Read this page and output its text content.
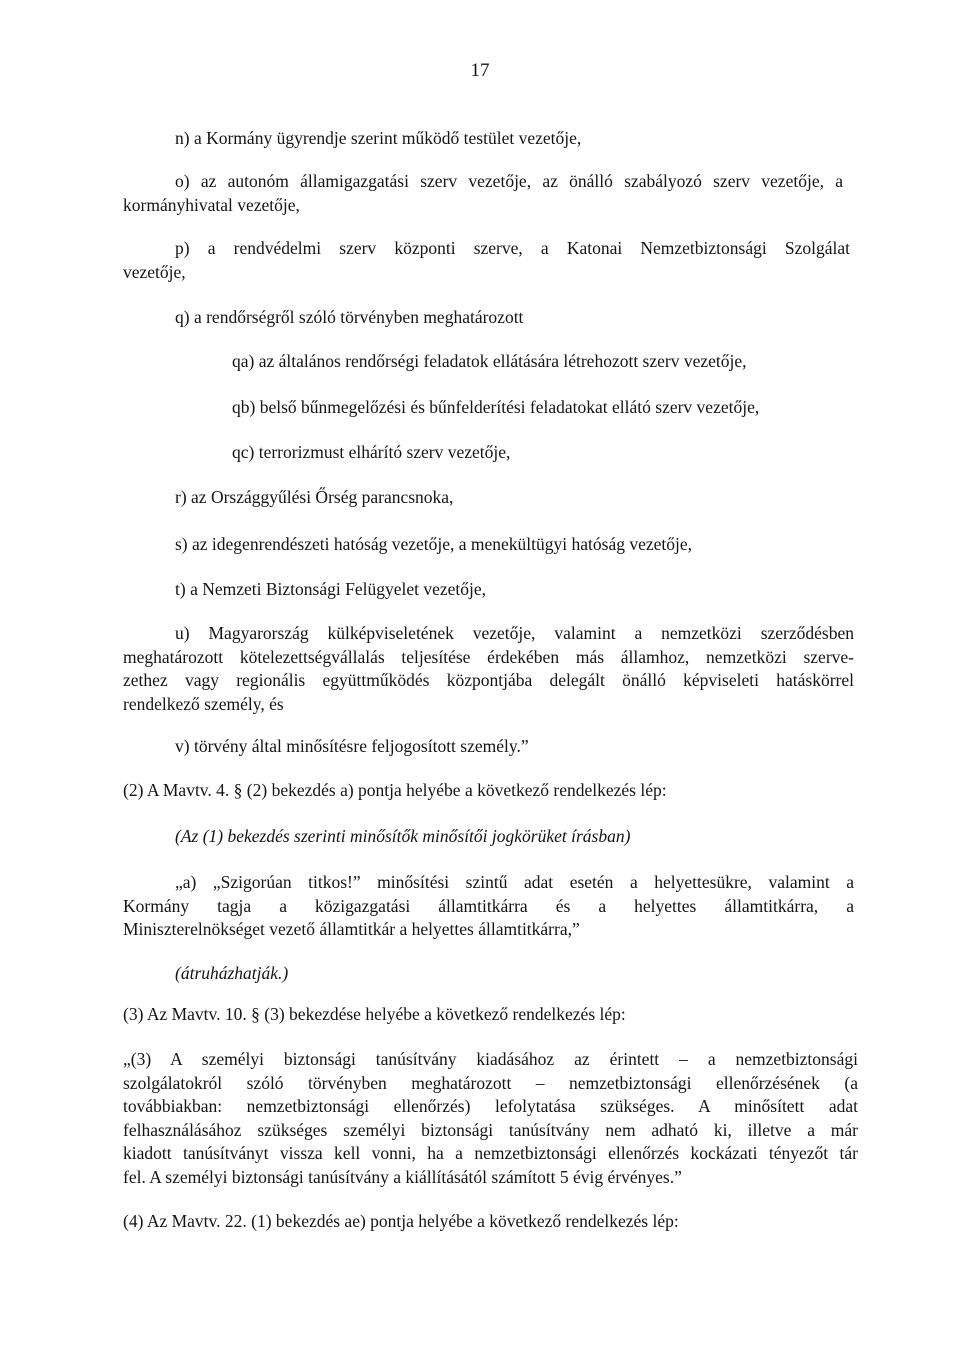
17

n) a Kormány ügyrendje szerint működő testület vezetője,

o) az autonóm államigazgatási szerv vezetője, az önálló szabályozó szerv vezetője, a
kormányhivatal vezetője,
p) a rendvédelmi szerv központi szerve, a Katonai Nemzetbiztonsági Szolgálat
vezetője,

q) a rendőrségről szóló törvényben meghatározott

qa) az általános rendőrségi feladatok ellátására létrehozott szerv vezetője,

qb) belső bűnmegelőzési és bűnfelderítési feladatokat ellátó szerv vezetője,

qc) terrorizmust elhárító szerv vezetője,

r) az Országgyűlési Őrség parancsnoka,

s) az idegenrendészeti hatóság vezetője, a menekültügyi hatóság vezetője,

t) a Nemzeti Biztonsági Felügyelet vezetője,

u) Magyarország külképviseletének vezetője, valamint a nemzetközi szerződésben
meghatározott kötelezettségvállalás teljesítése érdekében más államhoz, nemzetközi szerve-
zethez vagy regionális együttműködés központjába delegált önálló képviseleti hatáskörrel
rendelkező személy, és

v) törvény által minősítésre feljogosított személy.”

(2) A Mavtv. 4. § (2) bekezdés a) pontja helyébe a következő rendelkezés lép:

(Az (1) bekezdés szerinti minősítők minősítői jogkörüket írásban)

„a) „Szigorúan titkos!” minősítési szintű adat esetén a helyettesükre, valamint a
Kormány tagja a közigazgatási államtitkárra és a helyettes államtitkárra, a
Miniszterelnökséget vezető államtitkár a helyettes államtitkárra,”

(átruházhatják.)

(3) Az Mavtv. 10. § (3) bekezdése helyébe a következő rendelkezés lép:

„(3) A személyi biztonsági tanúsítvány kiadásához az érintett – a nemzetbiztonsági
szolgálatokról szóló törvényben meghatározott – nemzetbiztonsági ellenőrzésének (a
továbbiakban: nemzetbiztonsági ellenőrzés) lefolytatása szükséges. A minősített adat
felhasználásához szükséges személyi biztonsági tanúsítvány nem adható ki, illetve a már
kiadott tanúsítványt vissza kell vonni, ha a nemzetbiztonsági ellenőrzés kockázati tényezőt tár
fel. A személyi biztonsági tanúsítvány a kiállításától számított 5 évig érvényes.”

(4) Az Mavtv. 22. (1) bekezdés ae) pontja helyébe a következő rendelkezés lép:
